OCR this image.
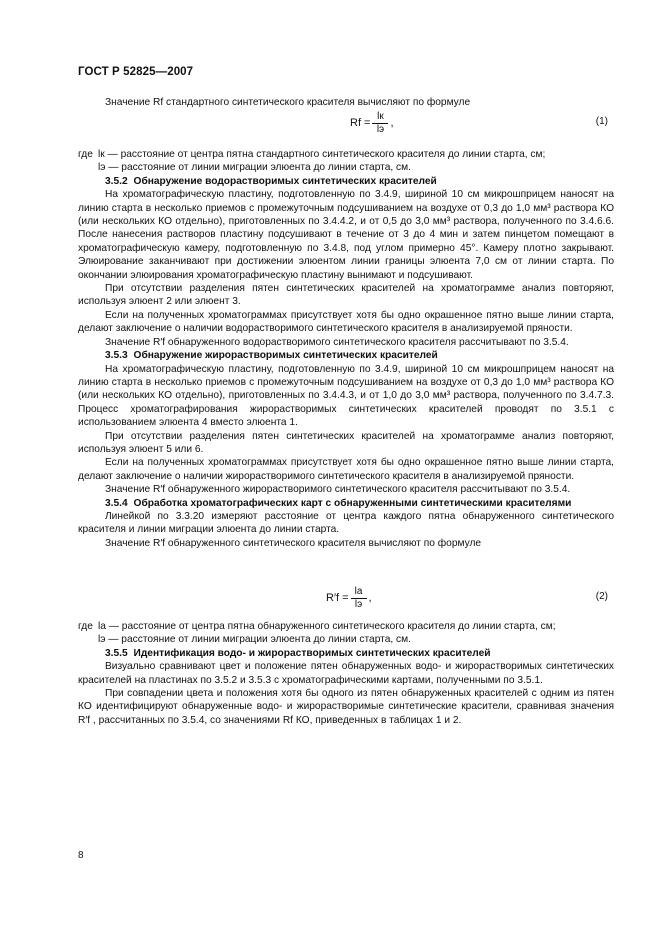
ГОСТ Р 52825—2007

Значение Rf стандартного синтетического красителя вычисляют по формуле

$Rf = \frac{lк}{lэ}$ ,	(1)

где lк — расстояние от центра пятна стандартного синтетического красителя до линии старта, см;

lэ — расстояние от линии миграции элюента до линии старта, см.

3.5.2 Обнаружение водорастворимых синтетических красителей

На хроматографическую пластину, подготовленную по 3.4.9, шириной 10 см микрошприцем наносят на линию старта в несколько приемов с промежуточным подсушиванием на воздухе от 0,3 до 1,0 мм³ раствора КО (или нескольких КО отдельно), приготовленных по 3.4.4.2, и от 0,5 до 3,0 мм³ раствора, полученного по 3.4.6.6. После нанесения растворов пластину подсушивают в течение от 3 до 4 мин и затем пинцетом помещают в хроматографическую камеру, подготовленную по 3.4.8, под углом примерно 45°. Камеру плотно закрывают. Элюирование заканчивают при достижении элюентом линии границы элюента 7,0 см от линии старта. По окончании элюирования хроматографическую пластину вынимают и подсушивают.

При отсутствии разделения пятен синтетических красителей на хроматограмме анализ повторяют, используя элюент 2 или элюент 3.

Если на полученных хроматограммах присутствует хотя бы одно окрашенное пятно выше линии старта, делают заключение о наличии водорастворимого синтетического красителя в анализируемой пряности.

Значение R′f обнаруженного водорастворимого синтетического красителя рассчитывают по 3.5.4.

3.5.3 Обнаружение жирорастворимых синтетических красителей

На хроматографическую пластину, подготовленную по 3.4.9, шириной 10 см микрошприцем наносят на линию старта в несколько приемов с промежуточным подсушиванием на воздухе от 0,3 до 1,0 мм³ раствора КО (или нескольких КО отдельно), приготовленных по 3.4.4.3, и от 1,0 до 3,0 мм³ раствора, полученного по 3.4.7.3. Процесс хроматографирования жирорастворимых синтетических красителей проводят по 3.5.1 с использованием элюента 4 вместо элюента 1.

При отсутствии разделения пятен синтетических красителей на хроматограмме анализ повторяют, используя элюент 5 или 6.

Если на полученных хроматограммах присутствует хотя бы одно окрашенное пятно выше линии старта, делают заключение о наличии жирорастворимого синтетического красителя в анализируемой пряности.

Значение R′f обнаруженного жирорастворимого синтетического красителя рассчитывают по 3.5.4.

3.5.4 Обработка хроматографических карт с обнаруженными синтетическими красителями

Линейкой по 3.3.20 измеряют расстояние от центра каждого пятна обнаруженного синтетического красителя и линии миграции элюента до линии старта.

Значение R′f обнаруженного синтетического красителя вычисляют по формуле

$R'f = \frac{lа}{lэ}$ ,	(2)

где lа — расстояние от центра пятна обнаруженного синтетического красителя до линии старта, см;

lэ — расстояние от линии миграции элюента до линии старта, см.

3.5.5 Идентификация водо- и жирорастворимых синтетических красителей

Визуально сравнивают цвет и положение пятен обнаруженных водо- и жирорастворимых синтетических красителей на пластинах по 3.5.2 и 3.5.3 с хроматографическими картами, полученными по 3.5.1.

При совпадении цвета и положения хотя бы одного из пятен обнаруженных красителей с одним из пятен КО идентифицируют обнаруженные водо- и жирорастворимые синтетические красители, сравнивая значения R′f , рассчитанных по 3.5.4, со значениями Rf КО, приведенных в таблицах 1 и 2.

8
